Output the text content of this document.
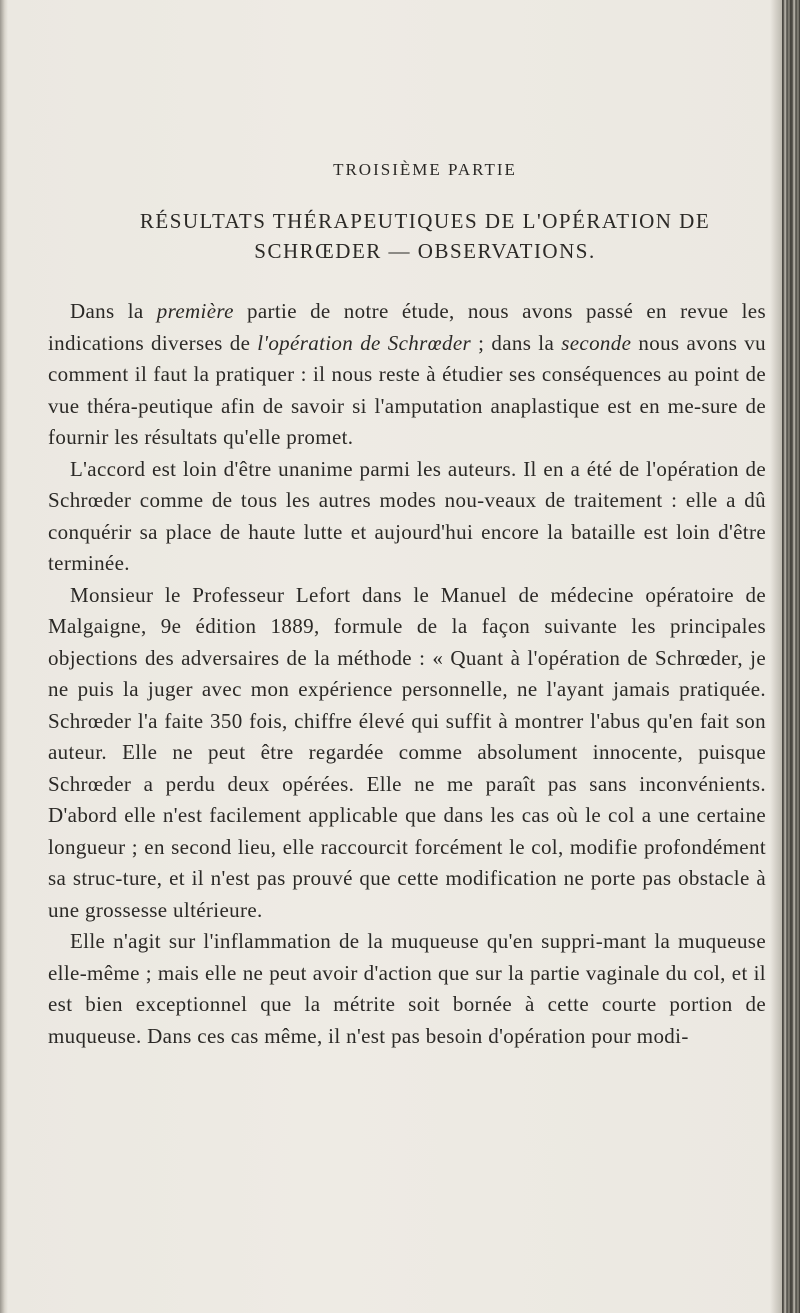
TROISIÈME PARTIE
RÉSULTATS THÉRAPEUTIQUES DE L'OPÉRATION DE
SCHRŒDER — OBSERVATIONS.

Dans la première partie de notre étude, nous avons passé en revue les indications diverses de l'opération de Schrœder ; dans la seconde nous avons vu comment il faut la pratiquer : il nous reste à étudier ses conséquences au point de vue théra-peutique afin de savoir si l'amputation anaplastique est en me-sure de fournir les résultats qu'elle promet.

L'accord est loin d'être unanime parmi les auteurs. Il en a été de l'opération de Schrœder comme de tous les autres modes nou-veaux de traitement : elle a dû conquérir sa place de haute lutte et aujourd'hui encore la bataille est loin d'être terminée.

Monsieur le Professeur Lefort dans le Manuel de médecine opératoire de Malgaigne, 9e édition 1889, formule de la façon suivante les principales objections des adversaires de la méthode : « Quant à l'opération de Schrœder, je ne puis la juger avec mon expérience personnelle, ne l'ayant jamais pratiquée. Schrœder l'a faite 350 fois, chiffre élevé qui suffit à montrer l'abus qu'en fait son auteur. Elle ne peut être regardée comme absolument innocente, puisque Schrœder a perdu deux opérées. Elle ne me paraît pas sans inconvénients. D'abord elle n'est facilement applicable que dans les cas où le col a une certaine longueur ; en second lieu, elle raccourcit forcément le col, modifie profondément sa struc-ture, et il n'est pas prouvé que cette modification ne porte pas obstacle à une grossesse ultérieure.

Elle n'agit sur l'inflammation de la muqueuse qu'en suppri-mant la muqueuse elle-même ; mais elle ne peut avoir d'action que sur la partie vaginale du col, et il est bien exceptionnel que la métrite soit bornée à cette courte portion de muqueuse. Dans ces cas même, il n'est pas besoin d'opération pour modi-
